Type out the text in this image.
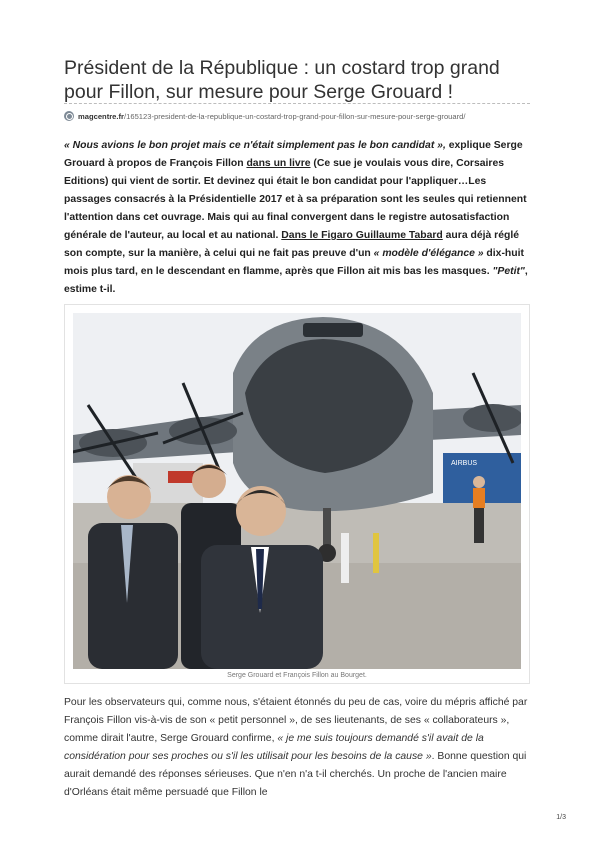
Président de la République : un costard trop grand pour Fillon, sur mesure pour Serge Grouard !
magcentre.fr /165123-president-de-la-republique-un-costard-trop-grand-pour-fillon-sur-mesure-pour-serge-grouard/

« Nous avions le bon projet mais ce n'était simplement pas le bon candidat », explique Serge Grouard à propos de François Fillon dans un livre (Ce sue je voulais vous dire, Corsaires Editions) qui vient de sortir. Et devinez qui était le bon candidat pour l'appliquer…Les passages consacrés à la Présidentielle 2017 et à sa préparation sont les seules qui retiennent l'attention dans cet ouvrage. Mais qui au final convergent dans le registre autosatisfaction générale de l'auteur, au local et au national. Dans le Figaro Guillaume Tabard aura déjà réglé son compte, sur la manière, à celui qui ne fait pas preuve d'un « modèle d'élégance » dix-huit mois plus tard, en le descendant en flamme, après que Fillon ait mis bas les masques. "Petit", estime t-il.

AIRBUS
Serge Grouard et François Fillon au Bourget.

Pour les observateurs qui, comme nous, s'étaient étonnés du peu de cas, voire du mépris affiché par François Fillon vis-à-vis de son « petit personnel », de ses lieutenants, de ses « collaborateurs », comme dirait l'autre, Serge Grouard confirme, « je me suis toujours demandé s'il avait de la considération pour ses proches ou s'il les utilisait pour les besoins de la cause ». Bonne question qui aurait demandé des réponses sérieuses. Que n'en n'a t-il cherchés. Un proche de l'ancien maire d'Orléans était même persuadé que Fillon le

1/3
